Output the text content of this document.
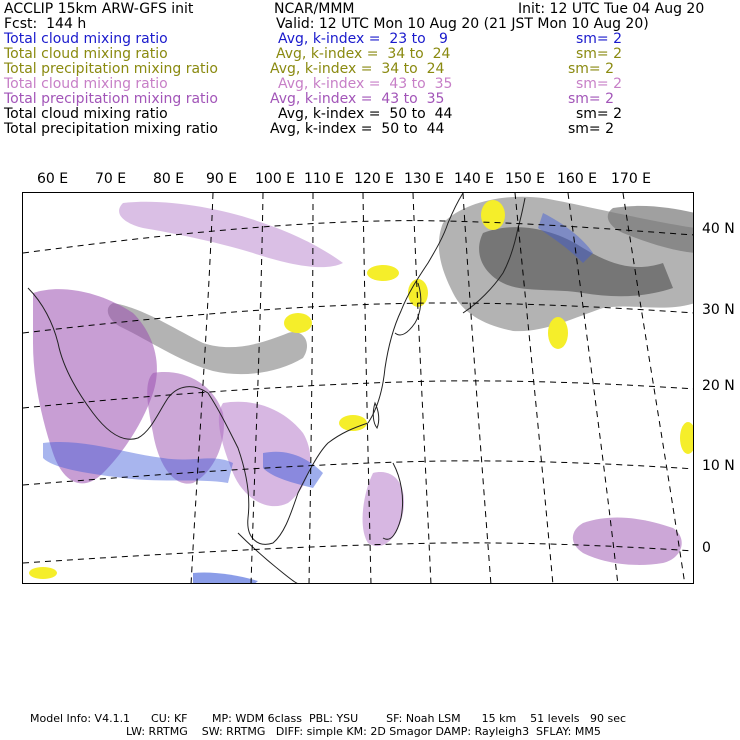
ACCLIP 15km ARW-GFS init	NCAR/MMM	Init: 12 UTC Tue 04 Aug 20
Fcst:  144 h	Valid: 12 UTC Mon 10 Aug 20 (21 JST Mon 10 Aug 20)
Total cloud mixing ratio	Avg, k-index =  23 to   9	sm= 2
Total cloud mixing ratio	Avg, k-index =  34 to  24	sm= 2
Total precipitation mixing ratio	Avg, k-index =  34 to  24	sm= 2
Total cloud mixing ratio	Avg, k-index =  43 to  35	sm= 2
Total precipitation mixing ratio	Avg, k-index =  43 to  35	sm= 2
Total cloud mixing ratio	Avg, k-index =  50 to  44	sm= 2
Total precipitation mixing ratio	Avg, k-index =  50 to  44	sm= 2
60 E 70 E 80 E 90 E 100 E 110 E 120 E 130 E 140 E 150 E 160 E 170 E
40 N
30 N
20 N
10 N
0
Model Info: V4.1.1      CU: KF       MP: WDM 6class  PBL: YSU        SF: Noah LSM      15 km    51 levels   90 sec
LW: RRTMG    SW: RRTMG   DIFF: simple KM: 2D Smagor DAMP: Rayleigh3  SFLAY: MM5
